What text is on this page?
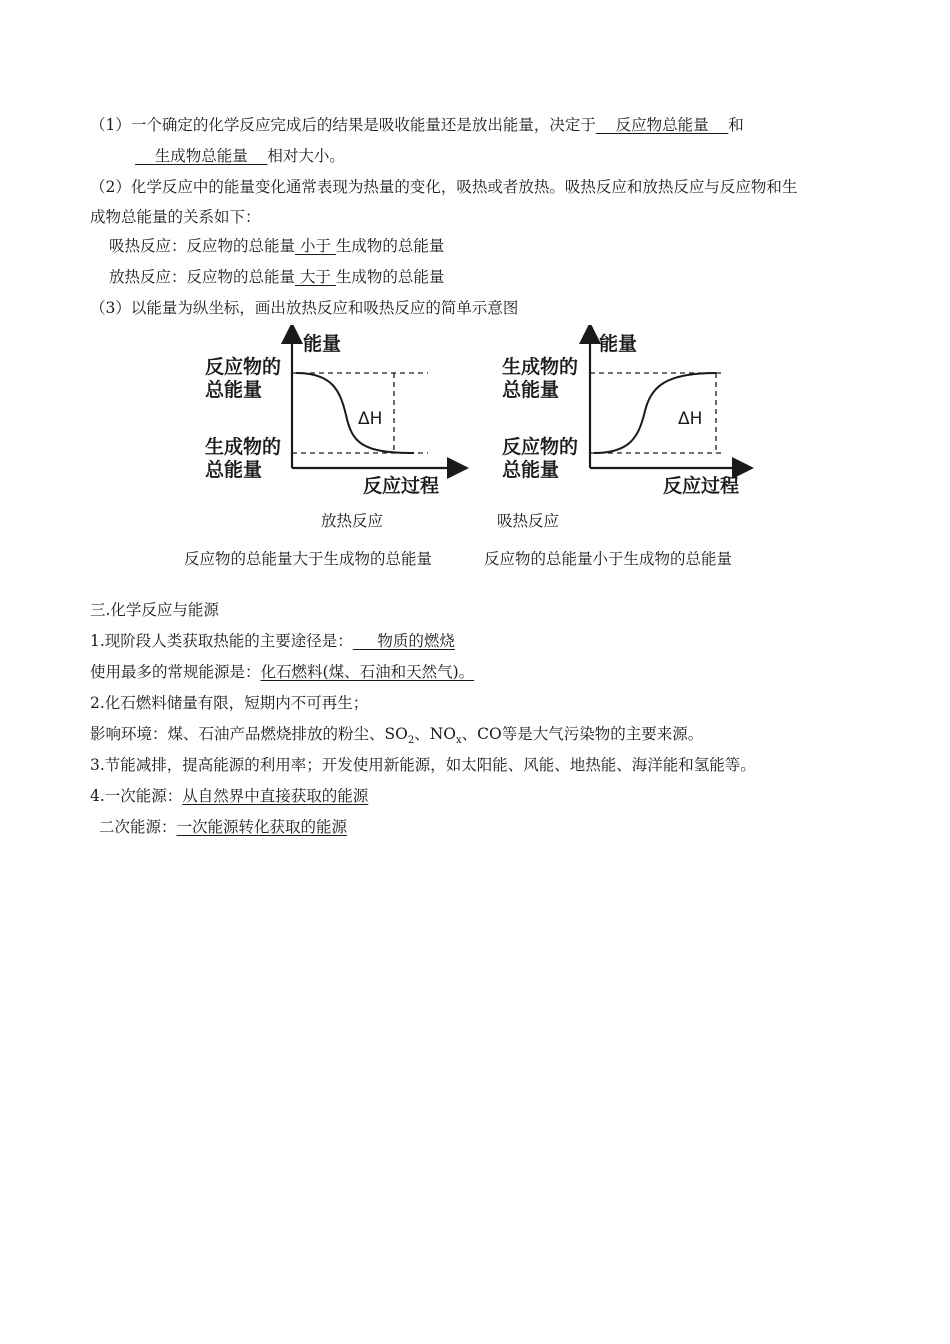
（1）一个确定的化学反应完成后的结果是吸收能量还是放出能量，决定于    反应物总能量    和
生成物总能量    相对大小。
（2）化学反应中的能量变化通常表现为热量的变化，吸热或者放热。吸热反应和放热反应与反应物和生
成物总能量的关系如下：
吸热反应：反应物的总能量 小于 生成物的总能量
放热反应：反应物的总能量 大于 生成物的总能量
（3）以能量为纵坐标，画出放热反应和吸热反应的简单示意图
能量
反应过程
反应物的
总能量
生成物的
总能量
ΔH
能量
反应过程
生成物的
总能量
反应物的
总能量
ΔH
放热反应	吸热反应
反应物的总能量大于生成物的总能量	反应物的总能量小于生成物的总能量
三.化学反应与能源
1.现阶段人类获取热能的主要途径是：     物质的燃烧
使用最多的常规能源是：化石燃料(煤、石油和天然气)。
2.化石燃料储量有限，短期内不可再生；
影响环境：煤、石油产品燃烧排放的粉尘、$SO_2$、$NO_x$、CO等是大气污染物的主要来源。
3.节能减排，提高能源的利用率；开发使用新能源，如太阳能、风能、地热能、海洋能和氢能等。
4.一次能源：从自然界中直接获取的能源
二次能源：一次能源转化获取的能源
